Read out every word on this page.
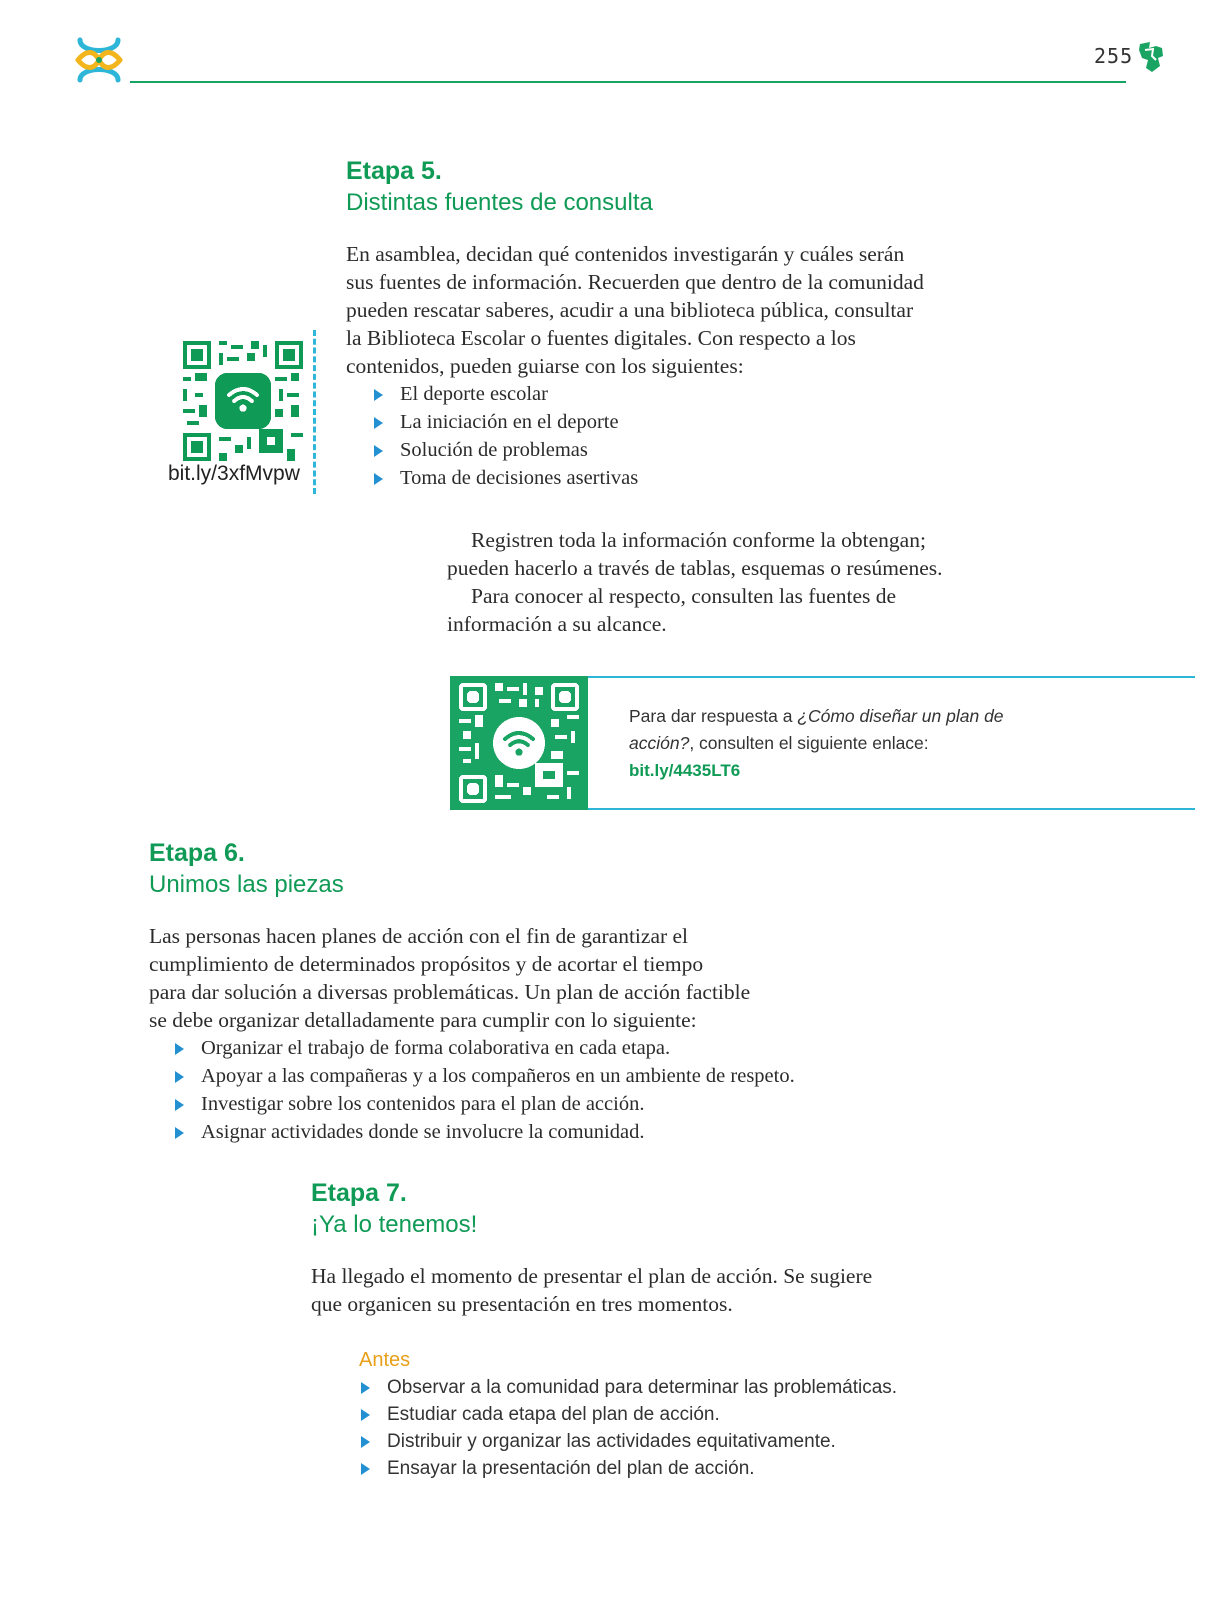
255

Etapa 5.

Distintas fuentes de consulta

En asamblea, decidan qué contenidos investigarán y cuáles serán

sus fuentes de información. Recuerden que dentro de la comunidad

pueden rescatar saberes, acudir a una biblioteca pública, consultar

la Biblioteca Escolar o fuentes digitales. Con respecto a los

contenidos, pueden guiarse con los siguientes:

El deporte escolar
La iniciación en el deporte
Solución de problemas
Toma de decisiones asertivas
bit.ly/3xfMvpw

Registren toda la información conforme la obtengan;

pueden hacerlo a través de tablas, esquemas o resúmenes.

Para conocer al respecto, consulten las fuentes de

información a su alcance.

Para dar respuesta a ¿Cómo diseñar un plan de acción?, consulten el siguiente enlace:
bit.ly/4435LT6

Etapa 6.

Unimos las piezas

Las personas hacen planes de acción con el fin de garantizar el

cumplimiento de determinados propósitos y de acortar el tiempo

para dar solución a diversas problemáticas. Un plan de acción factible

se debe organizar detalladamente para cumplir con lo siguiente:

Organizar el trabajo de forma colaborativa en cada etapa.
Apoyar a las compañeras y a los compañeros en un ambiente de respeto.
Investigar sobre los contenidos para el plan de acción.
Asignar actividades donde se involucre la comunidad.

Etapa 7.

¡Ya lo tenemos!

Ha llegado el momento de presentar el plan de acción. Se sugiere

que organicen su presentación en tres momentos.

Antes

Observar a la comunidad para determinar las problemáticas.
Estudiar cada etapa del plan de acción.
Distribuir y organizar las actividades equitativamente.
Ensayar la presentación del plan de acción.
